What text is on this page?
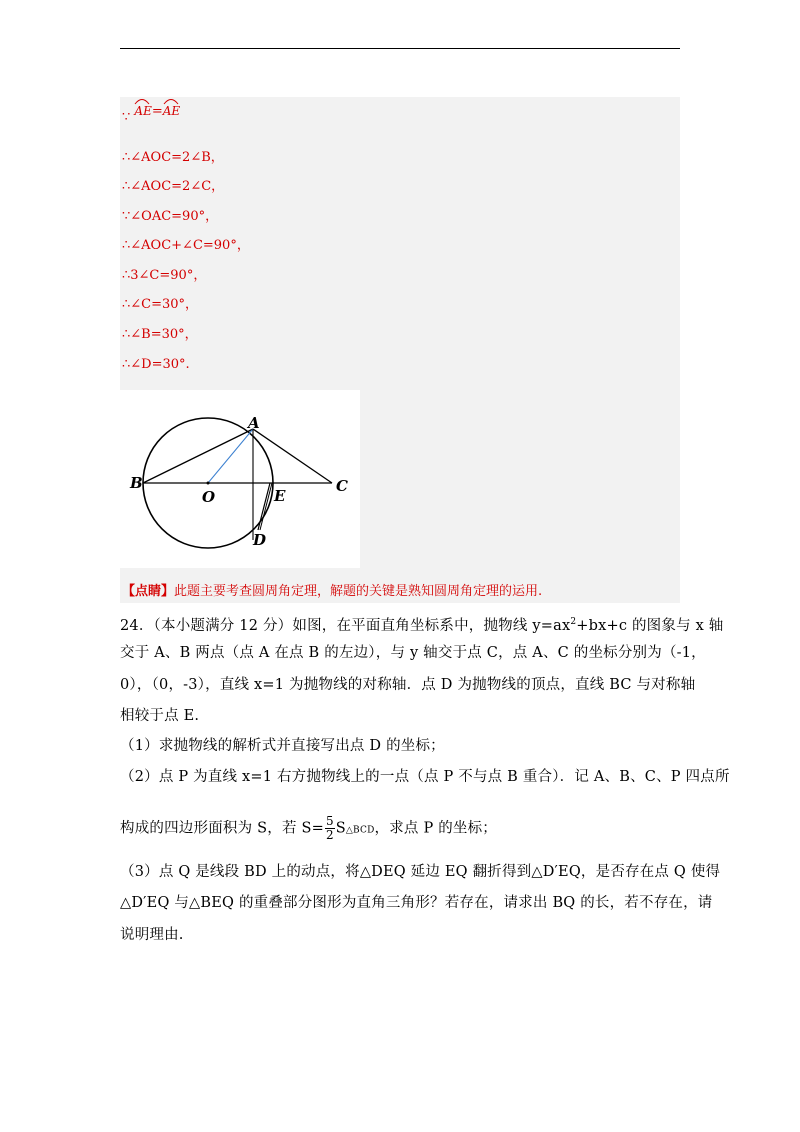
∵ AE=
AE
∴∠AOC=2∠B，
∴∠AOC=2∠C，
∵∠OAC=90°，
∴∠AOC+∠C=90°，
∴3∠C=90°，
∴∠C=30°，
∴∠B=30°，
∴∠D=30°.
A
B
O	E
C
D
【点睛】此题主要考查圆周角定理，解题的关键是熟知圆周角定理的运用.
24．（本小题满分 12 分）如图，在平面直角坐标系中，抛物线 $y=ax^2+bx+c$ 的图象与 x 轴
交于 A、B 两点（点 A 在点 B 的左边），与 y 轴交于点 C，点 A、C 的坐标分别为（-1，
0），（0，-3），直线 x=1 为抛物线的对称轴．点 D 为抛物线的顶点，直线 BC 与对称轴
相较于点 E.
（1）求抛物线的解析式并直接写出点 D 的坐标；
（2）点 P 为直线 x=1 右方抛物线上的一点（点 P 不与点 B 重合）．记 A、B、C、P 四点所
构成的四边形面积为 S，若 $S= \frac{5}{2}$ S△BCD，求点 P 的坐标；
（3）点 Q 是线段 BD 上的动点，将△DEQ 延边 EQ 翻折得到△D′EQ，是否存在点 Q 使得
△D′EQ 与△BEQ 的重叠部分图形为直角三角形？若存在，请求出 BQ 的长，若不存在，请
说明理由.
